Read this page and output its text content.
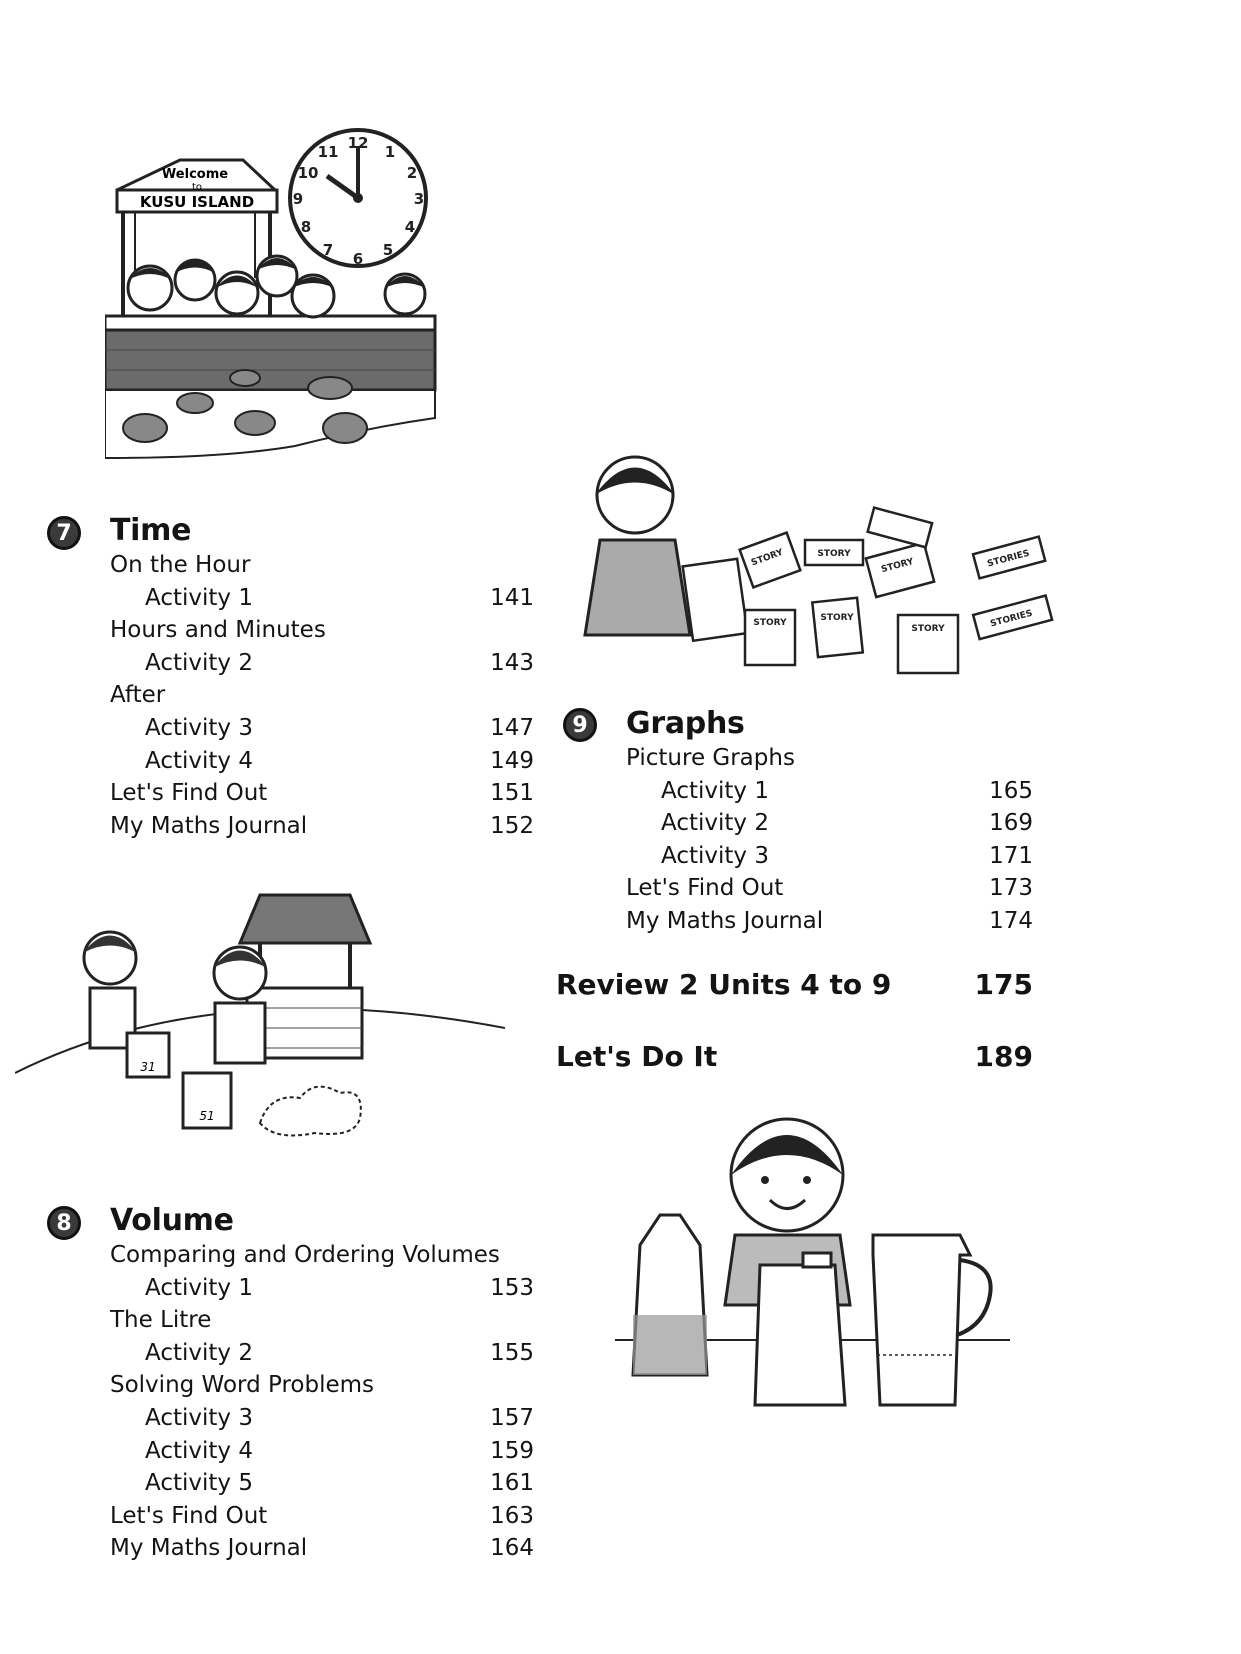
Welcome
to
KUSU ISLAND
12 1
2
3
4
5
6
7
8
9
10
11
7 Time
On the Hour
Activity 1	141
Hours and Minutes
Activity 2	143
After
Activity 3	147
Activity 4	149
Let's Find Out	151
My Maths Journal	152
31
51
8 Volume
Comparing and Ordering Volumes
Activity 1	153
The Litre
Activity 2	155
Solving Word Problems
Activity 3	157
Activity 4	159
Activity 5	161
Let's Find Out	163
My Maths Journal	164
STORY	STORY
STORY	STORIES
STORY	STORY
STORY	STORIES
9 Graphs
Picture Graphs
Activity 1	165
Activity 2	169
Activity 3	171
Let's Find Out	173
My Maths Journal	174
Review 2 Units 4 to 9	175
Let's Do It	189
